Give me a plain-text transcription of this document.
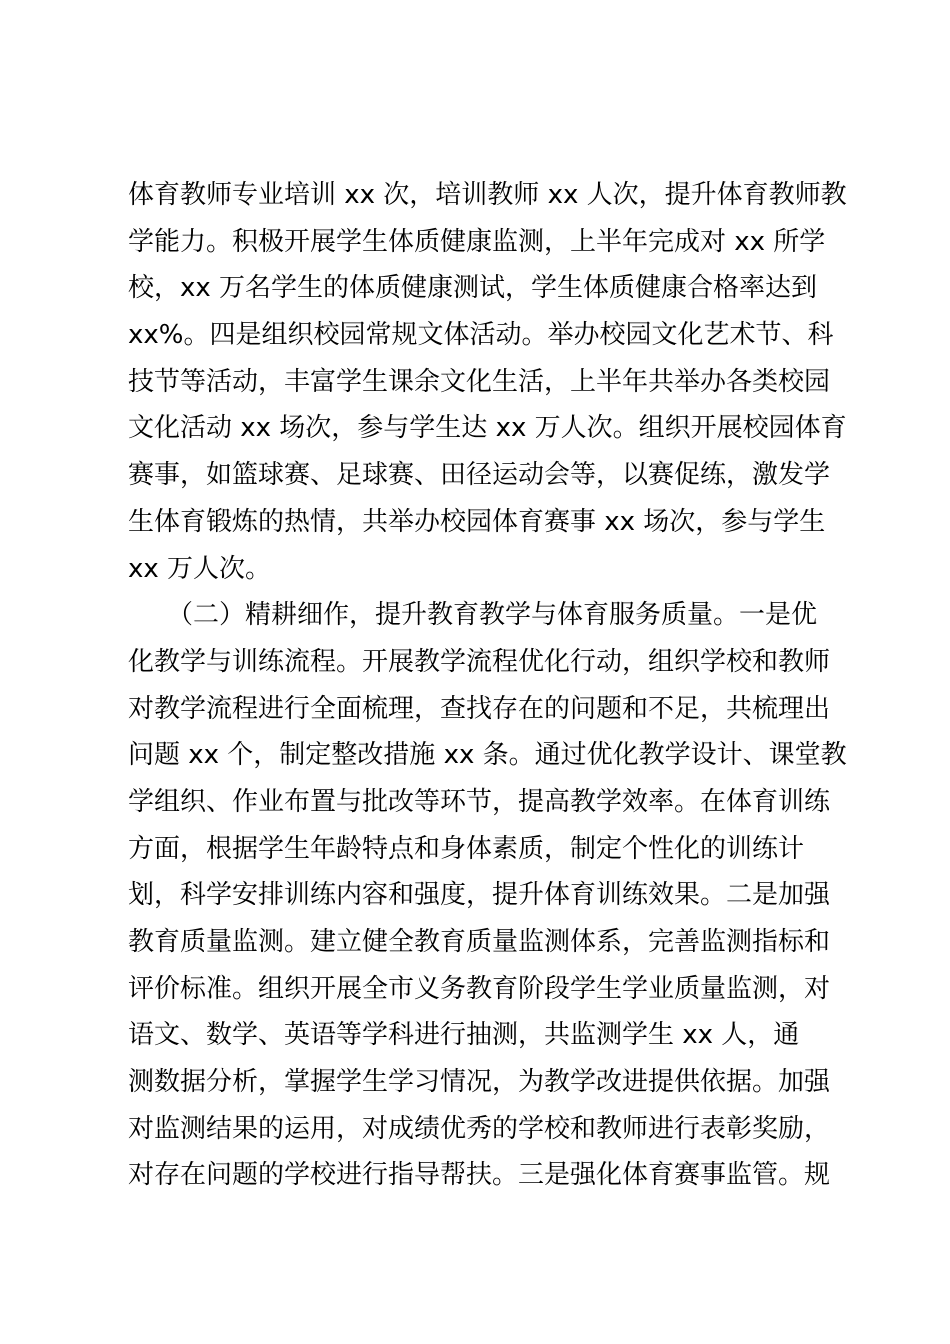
体育教师专业培训 xx 次，培训教师 xx 人次，提升体育教师教
学能力。积极开展学生体质健康监测，上半年完成对 xx 所学
校，xx 万名学生的体质健康测试，学生体质健康合格率达到
xx%。四是组织校园常规文体活动。举办校园文化艺术节、科
技节等活动，丰富学生课余文化生活，上半年共举办各类校园
文化活动 xx 场次，参与学生达 xx 万人次。组织开展校园体育
赛事，如篮球赛、足球赛、田径运动会等，以赛促练，激发学
生体育锻炼的热情，共举办校园体育赛事 xx 场次，参与学生
xx 万人次。
　　（二）精耕细作，提升教育教学与体育服务质量。一是优
化教学与训练流程。开展教学流程优化行动，组织学校和教师
对教学流程进行全面梳理，查找存在的问题和不足，共梳理出
问题 xx 个，制定整改措施 xx 条。通过优化教学设计、课堂教
学组织、作业布置与批改等环节，提高教学效率。在体育训练
方面，根据学生年龄特点和身体素质，制定个性化的训练计
划，科学安排训练内容和强度，提升体育训练效果。二是加强
教育质量监测。建立健全教育质量监测体系，完善监测指标和
评价标准。组织开展全市义务教育阶段学生学业质量监测，对
语文、数学、英语等学科进行抽测，共监测学生 xx 人，通
测数据分析，掌握学生学习情况，为教学改进提供依据。加强
对监测结果的运用，对成绩优秀的学校和教师进行表彰奖励，
对存在问题的学校进行指导帮扶。三是强化体育赛事监管。规
